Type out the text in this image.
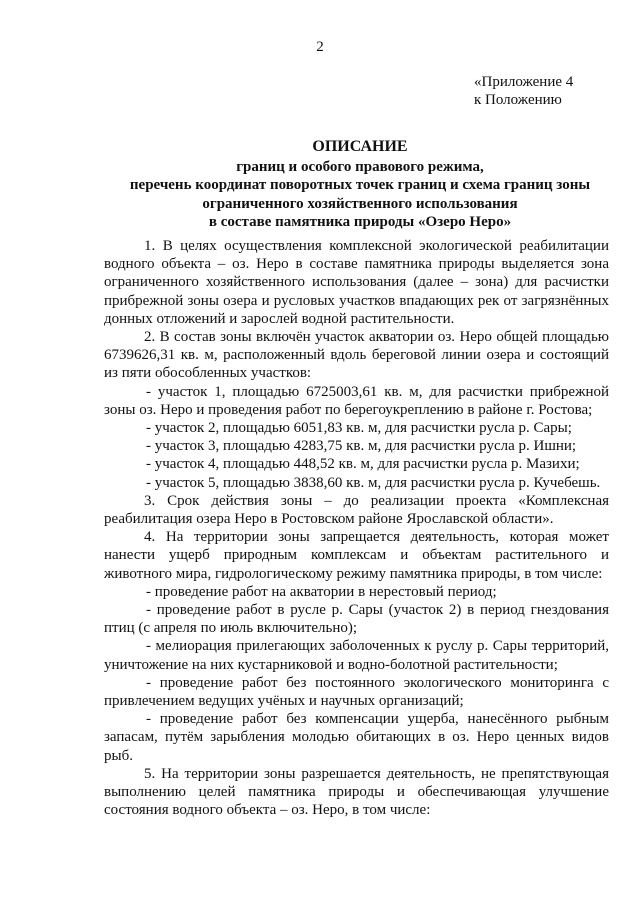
2
«Приложение 4
к Положению
ОПИСАНИЕ
границ и особого правового режима,
перечень координат поворотных точек границ и схема границ зоны
ограниченного хозяйственного использования
в составе памятника природы «Озеро Неро»

1. В целях осуществления комплексной экологической реабилитации водного объекта – оз. Неро в составе памятника природы выделяется зона ограниченного хозяйственного использования (далее – зона) для расчистки прибрежной зоны озера и русловых участков впадающих рек от загрязнённых донных отложений и зарослей водной растительности.

2. В состав зоны включён участок акватории оз. Неро общей площадью 6739626,31 кв. м, расположенный вдоль береговой линии озера и состоящий из пяти обособленных участков:

- участок 1, площадью 6725003,61 кв. м, для расчистки прибрежной зоны оз. Неро и проведения работ по берегоукреплению в районе г. Ростова;

- участок 2, площадью 6051,83 кв. м, для расчистки русла р. Сары;

- участок 3, площадью 4283,75 кв. м, для расчистки русла р. Ишни;

- участок 4, площадью 448,52 кв. м, для расчистки русла р. Мазихи;

- участок 5, площадью 3838,60 кв. м, для расчистки русла р. Кучебешь.

3. Срок действия зоны – до реализации проекта «Комплексная реабилитация озера Неро в Ростовском районе Ярославской области».

4. На территории зоны запрещается деятельность, которая может нанести ущерб природным комплексам и объектам растительного и животного мира, гидрологическому режиму памятника природы, в том числе:

- проведение работ на акватории в нерестовый период;

- проведение работ в русле р. Сары (участок 2) в период гнездования птиц (с апреля по июль включительно);

- мелиорация прилегающих заболоченных к руслу р. Сары территорий, уничтожение на них кустарниковой и водно-болотной растительности;

- проведение работ без постоянного экологического мониторинга с привлечением ведущих учёных и научных организаций;

- проведение работ без компенсации ущерба, нанесённого рыбным запасам, путём зарыбления молодью обитающих в оз. Неро ценных видов рыб.

5. На территории зоны разрешается деятельность, не препятствующая выполнению целей памятника природы и обеспечивающая улучшение состояния водного объекта – оз. Неро, в том числе:
